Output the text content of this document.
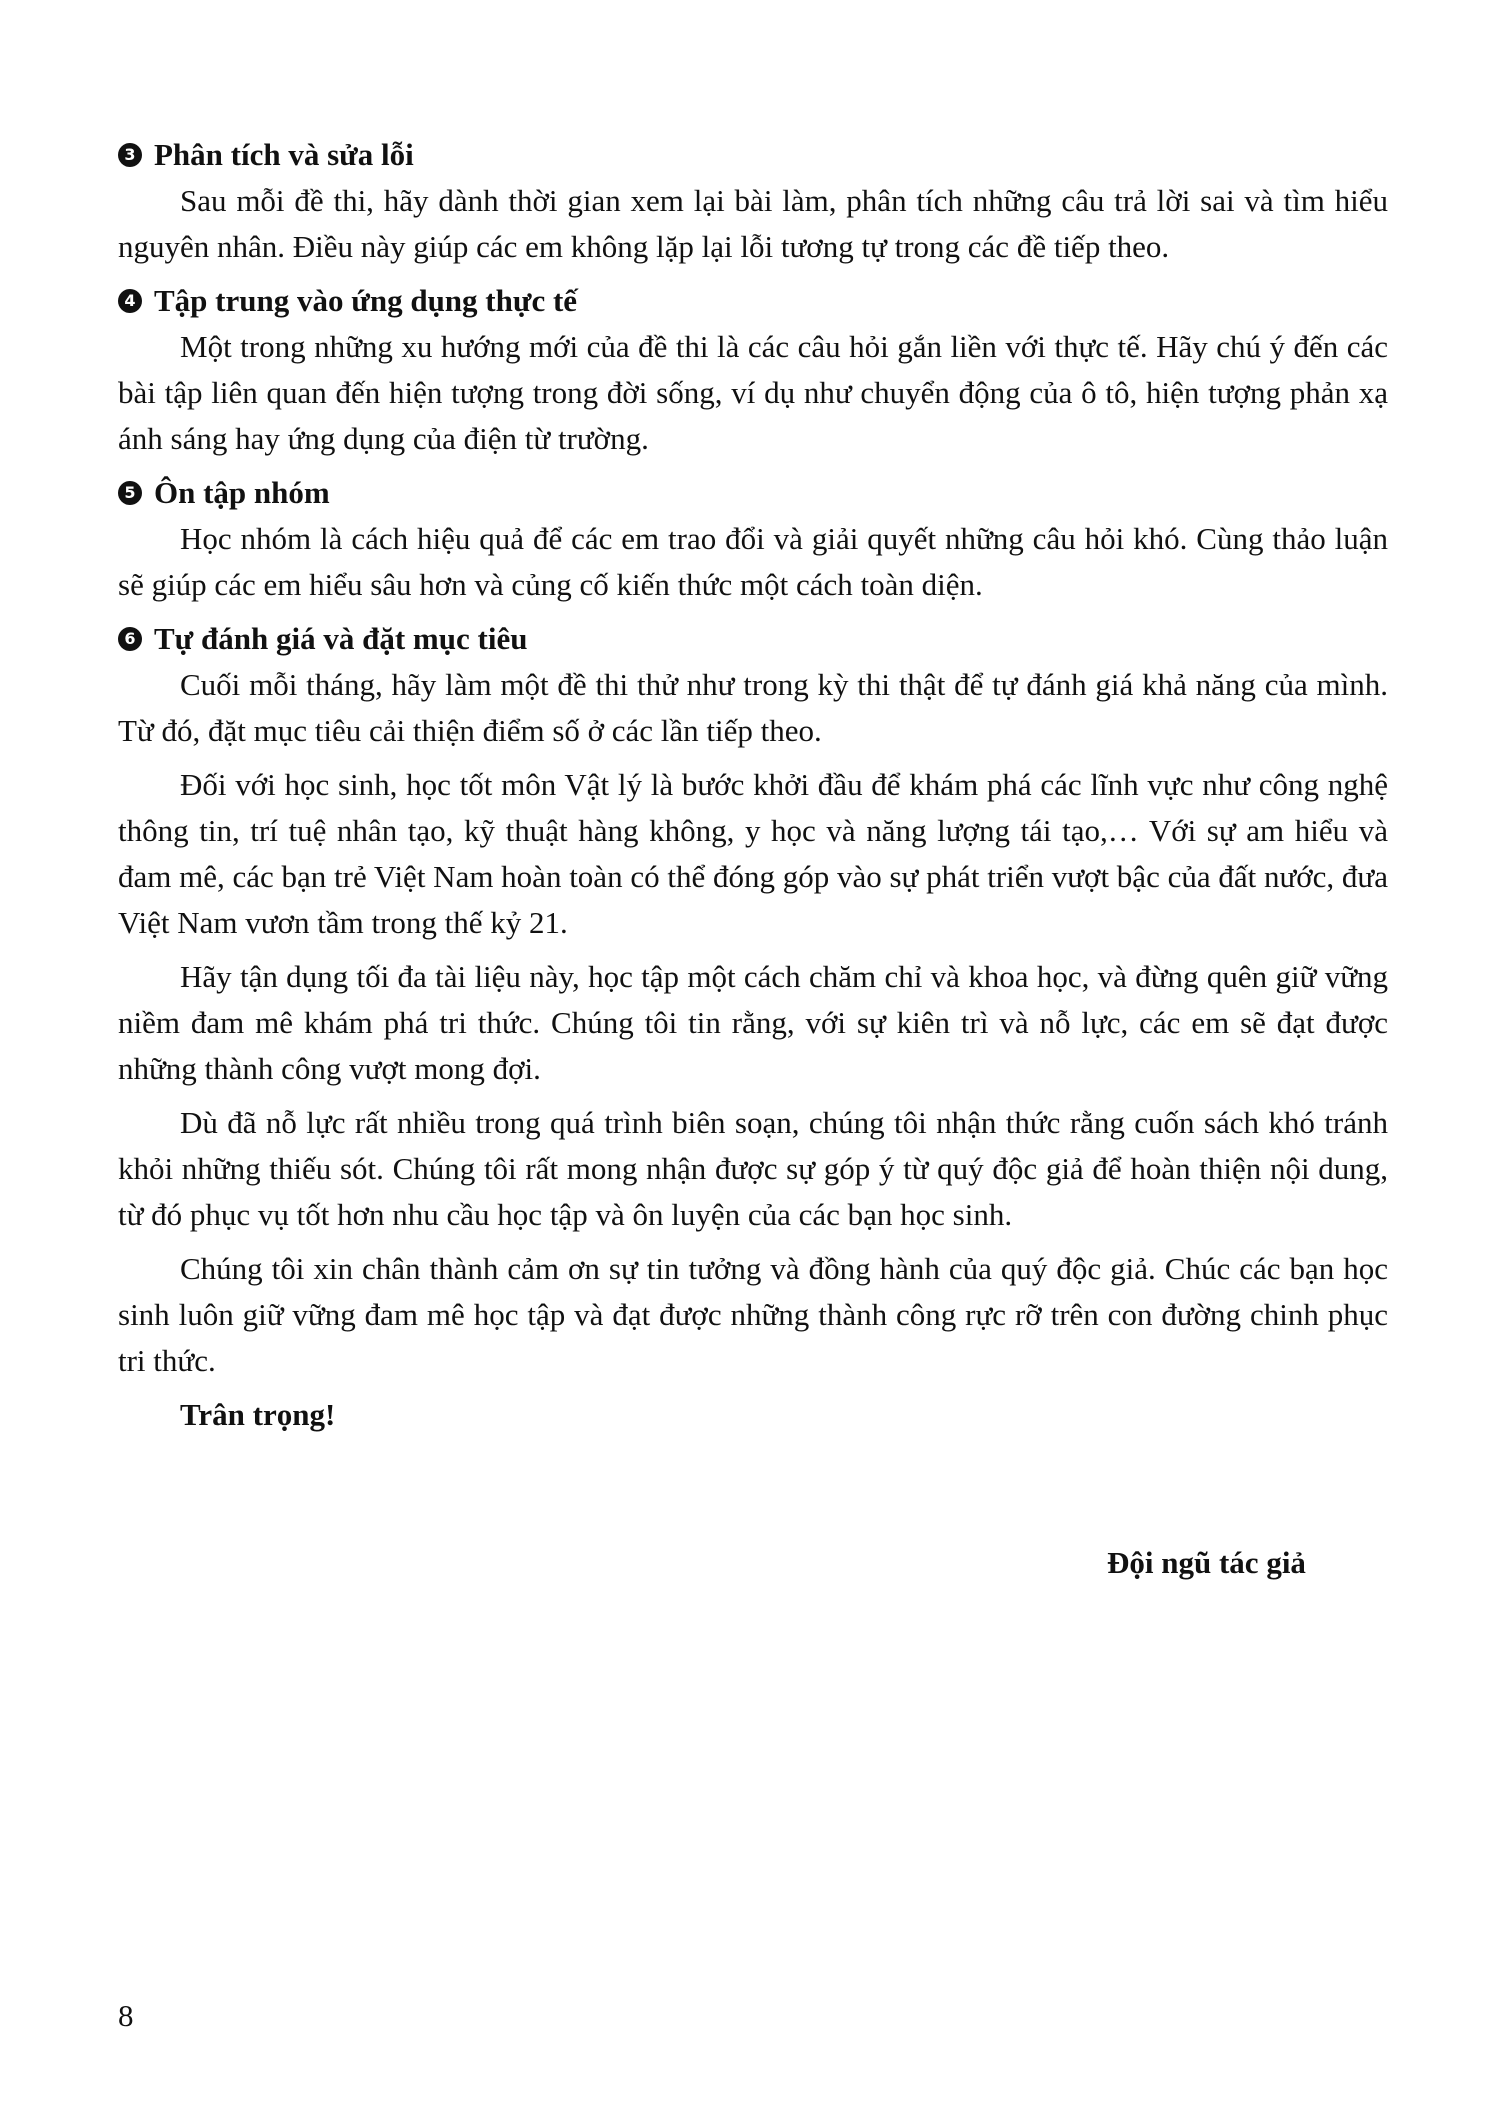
3 Phân tích và sửa lỗi

Sau mỗi đề thi, hãy dành thời gian xem lại bài làm, phân tích những câu trả lời sai và tìm hiểu nguyên nhân. Điều này giúp các em không lặp lại lỗi tương tự trong các đề tiếp theo.

4 Tập trung vào ứng dụng thực tế

Một trong những xu hướng mới của đề thi là các câu hỏi gắn liền với thực tế. Hãy chú ý đến các bài tập liên quan đến hiện tượng trong đời sống, ví dụ như chuyển động của ô tô, hiện tượng phản xạ ánh sáng hay ứng dụng của điện từ trường.

5 Ôn tập nhóm

Học nhóm là cách hiệu quả để các em trao đổi và giải quyết những câu hỏi khó. Cùng thảo luận sẽ giúp các em hiểu sâu hơn và củng cố kiến thức một cách toàn diện.

6 Tự đánh giá và đặt mục tiêu

Cuối mỗi tháng, hãy làm một đề thi thử như trong kỳ thi thật để tự đánh giá khả năng của mình. Từ đó, đặt mục tiêu cải thiện điểm số ở các lần tiếp theo.

Đối với học sinh, học tốt môn Vật lý là bước khởi đầu để khám phá các lĩnh vực như công nghệ thông tin, trí tuệ nhân tạo, kỹ thuật hàng không, y học và năng lượng tái tạo,… Với sự am hiểu và đam mê, các bạn trẻ Việt Nam hoàn toàn có thể đóng góp vào sự phát triển vượt bậc của đất nước, đưa Việt Nam vươn tầm trong thế kỷ 21.

Hãy tận dụng tối đa tài liệu này, học tập một cách chăm chỉ và khoa học, và đừng quên giữ vững niềm đam mê khám phá tri thức. Chúng tôi tin rằng, với sự kiên trì và nỗ lực, các em sẽ đạt được những thành công vượt mong đợi.

Dù đã nỗ lực rất nhiều trong quá trình biên soạn, chúng tôi nhận thức rằng cuốn sách khó tránh khỏi những thiếu sót. Chúng tôi rất mong nhận được sự góp ý từ quý độc giả để hoàn thiện nội dung, từ đó phục vụ tốt hơn nhu cầu học tập và ôn luyện của các bạn học sinh.

Chúng tôi xin chân thành cảm ơn sự tin tưởng và đồng hành của quý độc giả. Chúc các bạn học sinh luôn giữ vững đam mê học tập và đạt được những thành công rực rỡ trên con đường chinh phục tri thức.

Trân trọng!

Đội ngũ tác giả
8
